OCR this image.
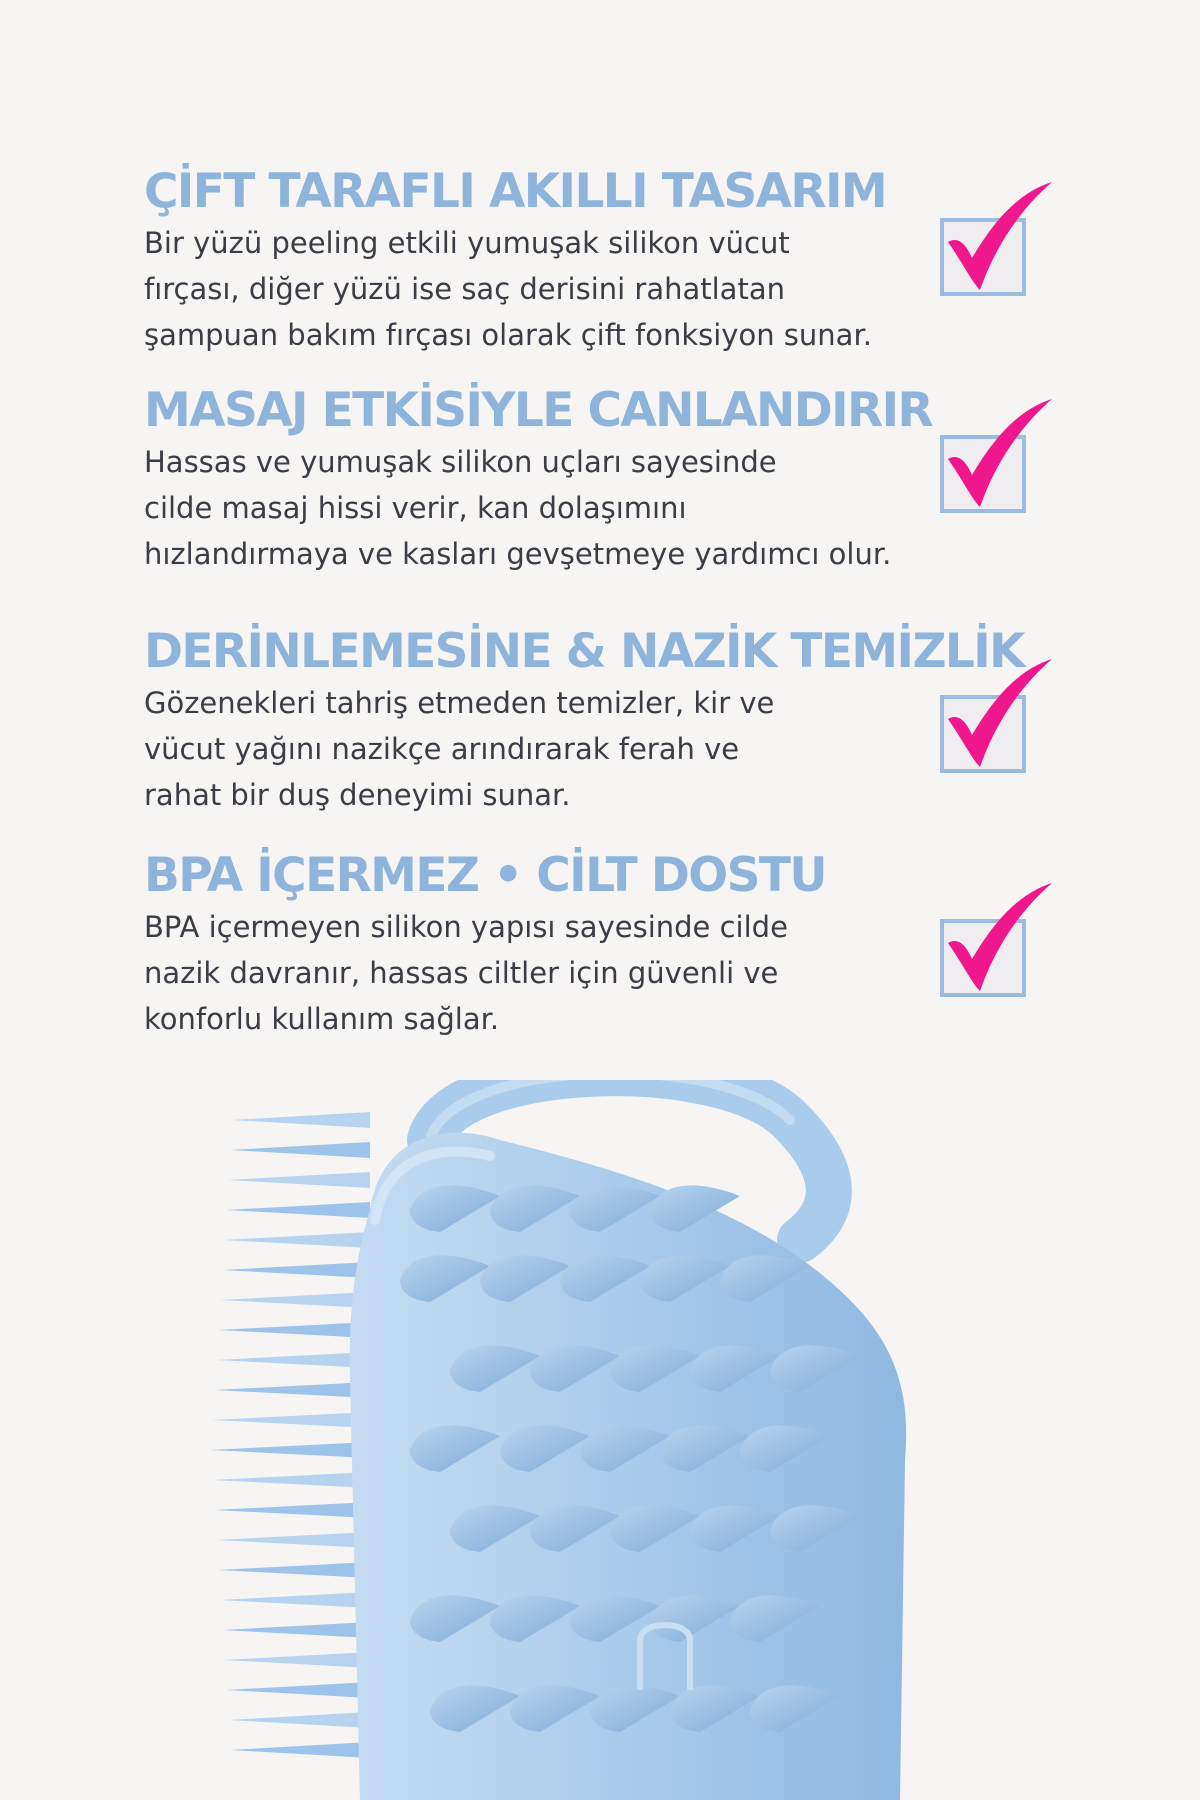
ÇİFT TARAFLI AKILLI TASARIM

Bir yüzü peeling etkili yumuşak silikon vücut
fırçası, diğer yüzü ise saç derisini rahatlatan
şampuan bakım fırçası olarak çift fonksiyon sunar.

MASAJ ETKİSİYLE CANLANDIRIR

Hassas ve yumuşak silikon uçları sayesinde
cilde masaj hissi verir, kan dolaşımını
hızlandırmaya ve kasları gevşetmeye yardımcı olur.

DERİNLEMESİNE & NAZİK TEMİZLİK

Gözenekleri tahriş etmeden temizler, kir ve
vücut yağını nazikçe arındırarak ferah ve
rahat bir duş deneyimi sunar.

BPA İÇERMEZ • CİLT DOSTU

BPA içermeyen silikon yapısı sayesinde cilde
nazik davranır, hassas ciltler için güvenli ve
konforlu kullanım sağlar.
